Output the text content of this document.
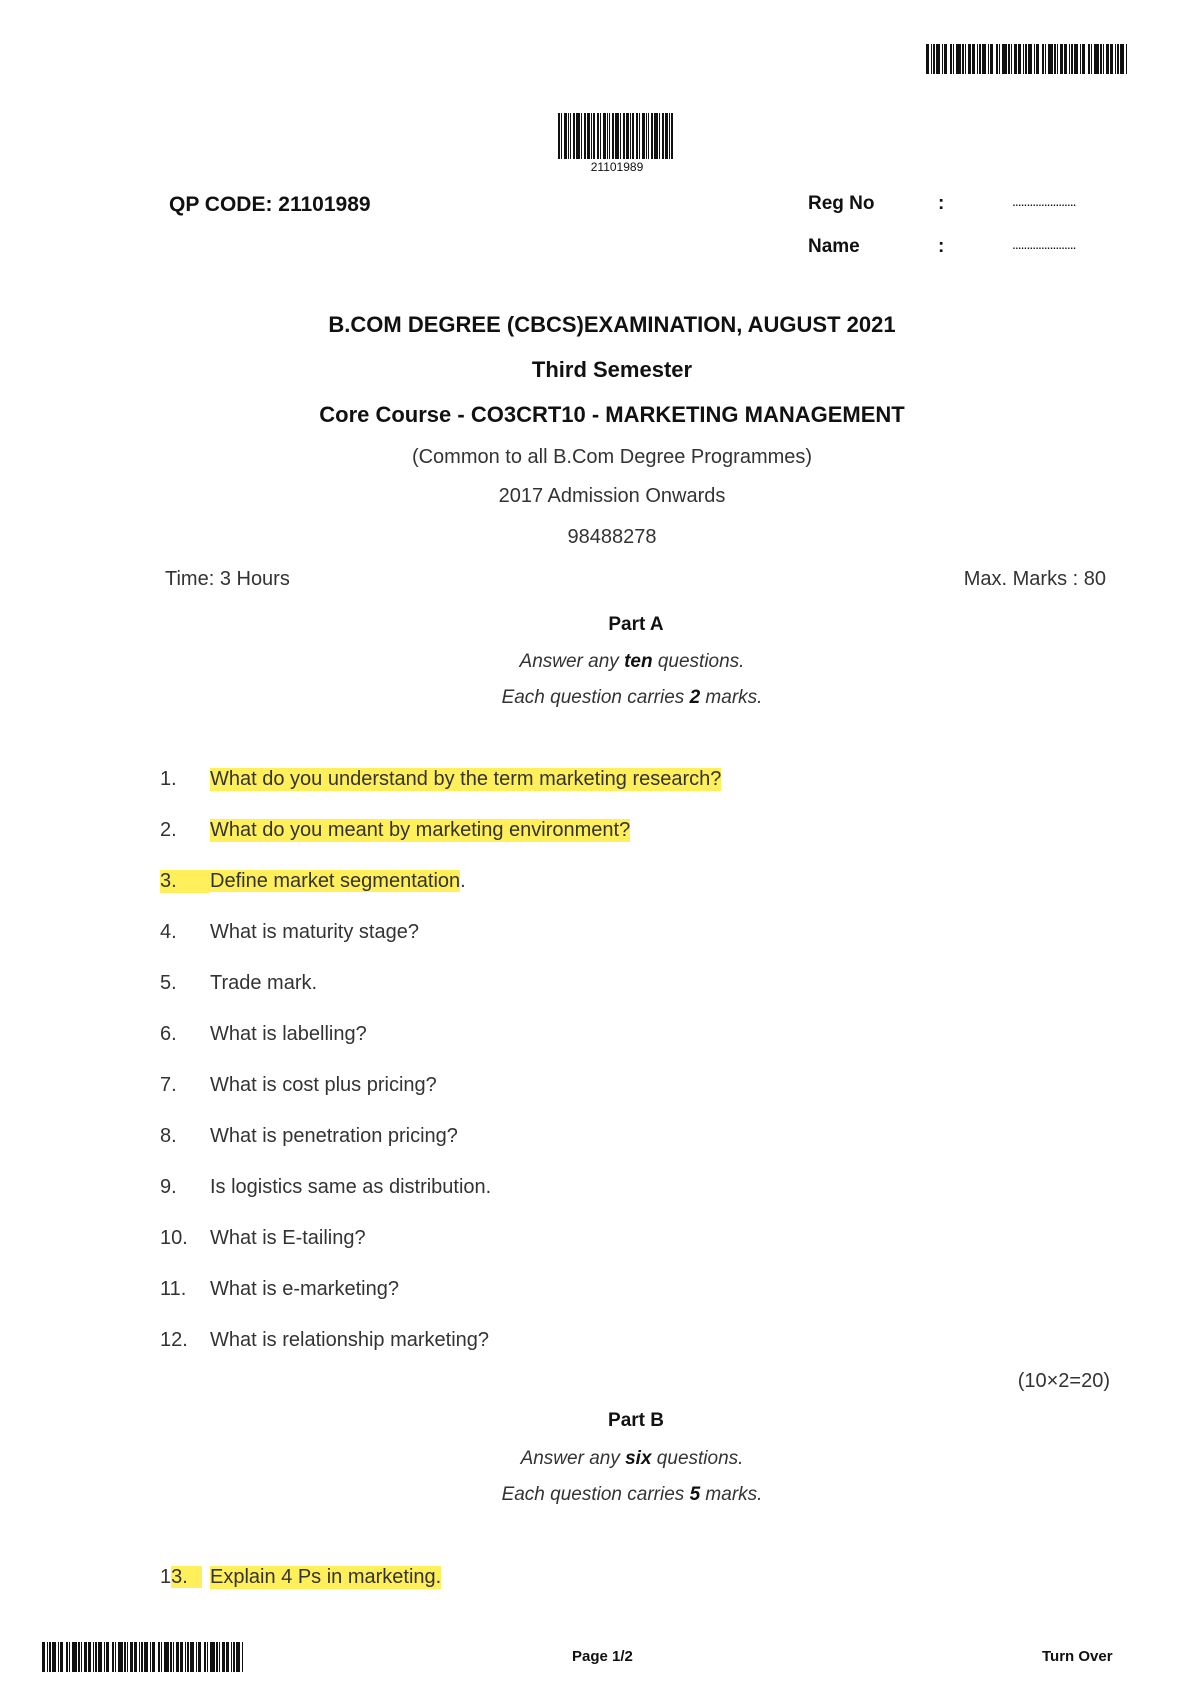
21101989
QP CODE: 21101989	Reg No	:	......................
Name	:	......................
B.COM DEGREE (CBCS)EXAMINATION, AUGUST 2021
Third Semester
Core Course - CO3CRT10 - MARKETING MANAGEMENT
(Common to all B.Com Degree Programmes)
2017 Admission Onwards
98488278
Time: 3 Hours	Max. Marks : 80
Part A
Answer any ten questions.
Each question carries 2 marks.
1.	What do you understand by the term marketing research?
2.	What do you meant by marketing environment?
3.	Define market segmentation.
4.	What is maturity stage?
5.	Trade mark.
6.	What is labelling?
7.	What is cost plus pricing?
8.	What is penetration pricing?
9.	Is logistics same as distribution.
10.	What is E-tailing?
11.	What is e-marketing?
12.	What is relationship marketing?
(10×2=20)
Part B
Answer any six questions.
Each question carries 5 marks.
13.	Explain 4 Ps in marketing.
Page 1/2	Turn Over
